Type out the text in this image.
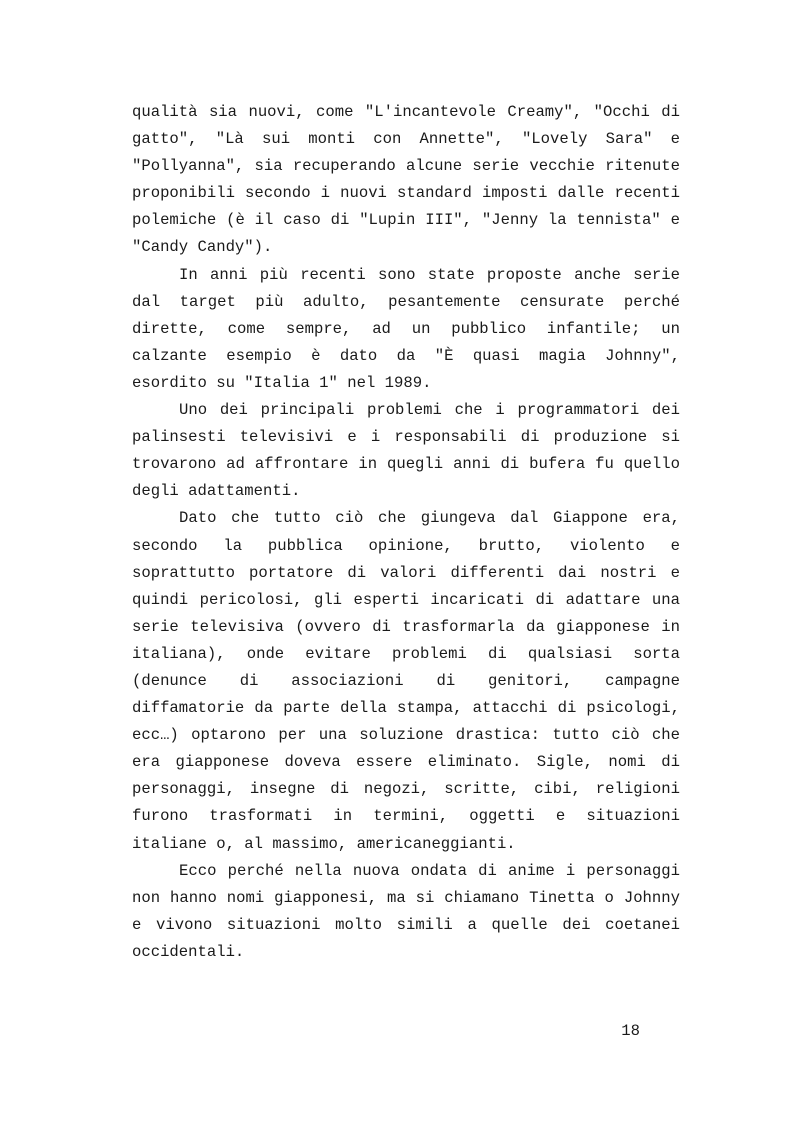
qualità sia nuovi, come "L'incantevole Creamy", "Occhi di gatto", "Là sui monti con Annette", "Lovely Sara" e "Pollyanna", sia recuperando alcune serie vecchie ritenute proponibili secondo i nuovi standard imposti dalle recenti polemiche (è il caso di "Lupin III", "Jenny la tennista" e "Candy Candy").

In anni più recenti sono state proposte anche serie dal target più adulto, pesantemente censurate perché dirette, come sempre, ad un pubblico infantile; un calzante esempio è dato da "È quasi magia Johnny", esordito su "Italia 1" nel 1989.

Uno dei principali problemi che i programmatori dei palinsesti televisivi e i responsabili di produzione si trovarono ad affrontare in quegli anni di bufera fu quello degli adattamenti.

Dato che tutto ciò che giungeva dal Giappone era, secondo la pubblica opinione, brutto, violento e soprattutto portatore di valori differenti dai nostri e quindi pericolosi, gli esperti incaricati di adattare una serie televisiva (ovvero di trasformarla da giapponese in italiana), onde evitare problemi di qualsiasi sorta (denunce di associazioni di genitori, campagne diffamatorie da parte della stampa, attacchi di psicologi, ecc…) optarono per una soluzione drastica: tutto ciò che era giapponese doveva essere eliminato. Sigle, nomi di personaggi, insegne di negozi, scritte, cibi, religioni furono trasformati in termini, oggetti e situazioni italiane o, al massimo, americaneggianti.

Ecco perché nella nuova ondata di anime i personaggi non hanno nomi giapponesi, ma si chiamano Tinetta o Johnny e vivono situazioni molto simili a quelle dei coetanei occidentali.

18
